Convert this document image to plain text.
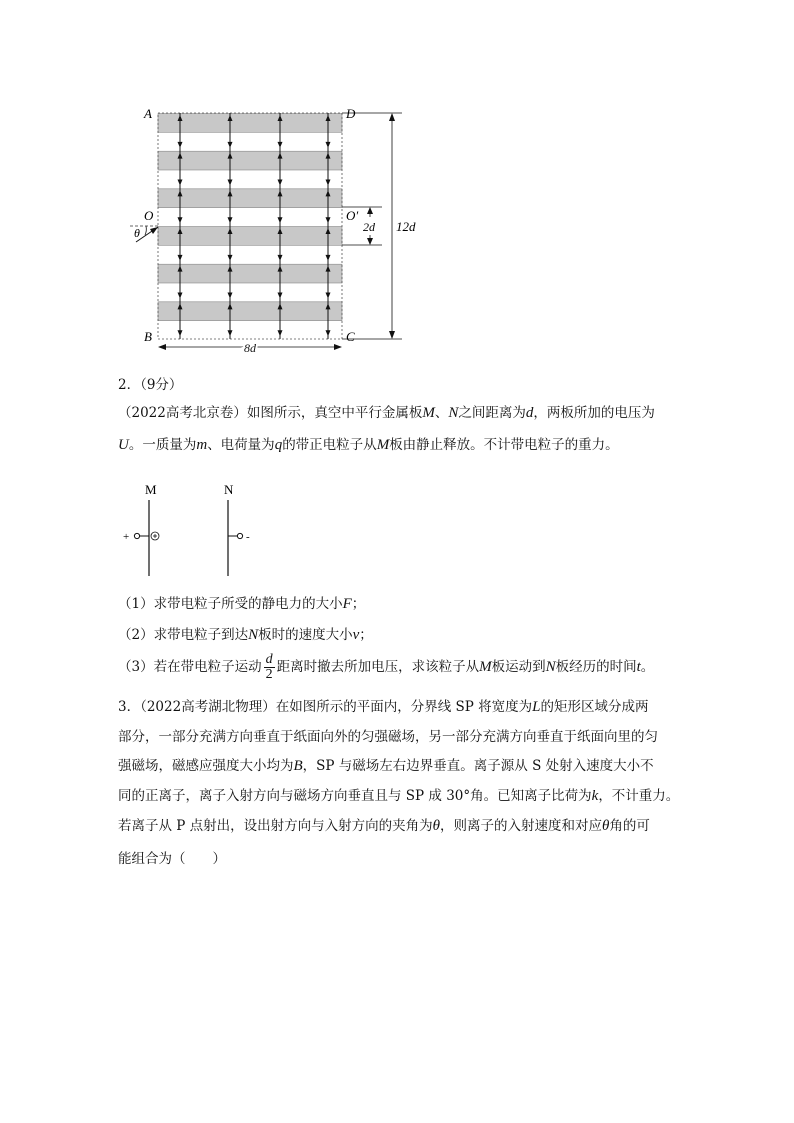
A	D
B	C
O	O′
θ	2d 12d
8d
2．（9分）
（2022高考北京卷）如图所示，真空中平行金属板M、N之间距离为d，两板所加的电压为
U。一质量为m、电荷量为q的带正电粒子从M板由静止释放。不计带电粒子的重力。
M	N
+	-
（1）求带电粒子所受的静电力的大小F；
（2）求带电粒子到达N板时的速度大小v；
（3）若在带电粒子运动 $\frac{d}{2}$ 距离时撤去所加电压，求该粒子从M板运动到N板经历的时间t。
3．（2022高考湖北物理）在如图所示的平面内，分界线 SP 将宽度为L的矩形区域分成两
部分，一部分充满方向垂直于纸面向外的匀强磁场，另一部分充满方向垂直于纸面向里的匀
强磁场，磁感应强度大小均为B，SP 与磁场左右边界垂直。离子源从 S 处射入速度大小不
同的正离子，离子入射方向与磁场方向垂直且与 SP 成 30°角。已知离子比荷为k，不计重力。
若离子从 P 点射出，设出射方向与入射方向的夹角为θ，则离子的入射速度和对应θ角的可
能组合为（　　）
